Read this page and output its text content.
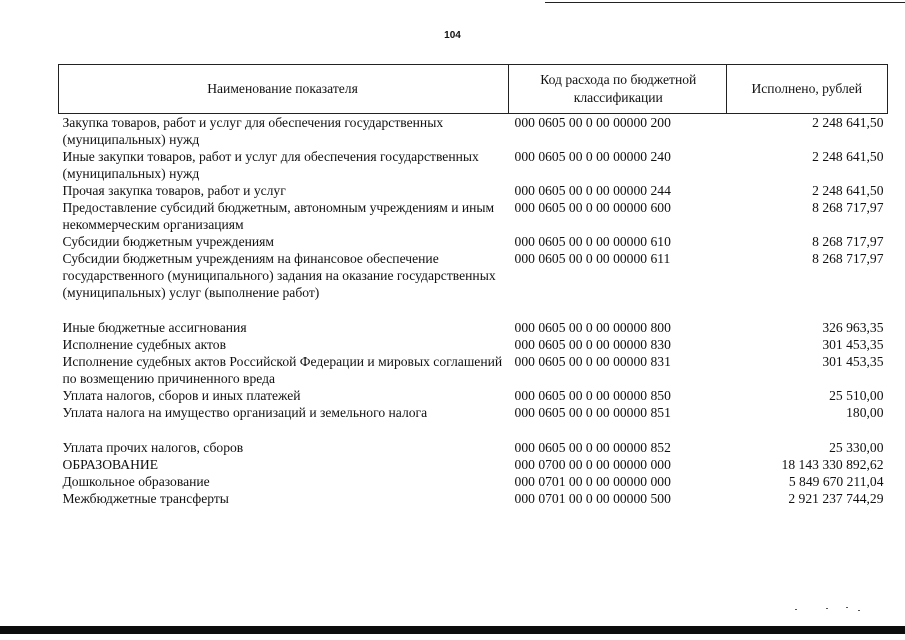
104
Наименование показателя	Код расхода по бюджетной классификации	Исполнено, рублей
Закупка товаров, работ и услуг для обеспечения государственных (муниципальных) нужд	000 0605 00 0 00 00000 200	2 248 641,50
Иные закупки товаров, работ и услуг для обеспечения государственных (муниципальных) нужд	000 0605 00 0 00 00000 240	2 248 641,50
Прочая закупка товаров, работ и услуг	000 0605 00 0 00 00000 244	2 248 641,50
Предоставление субсидий бюджетным, автономным учреждениям и иным некоммерческим организациям	000 0605 00 0 00 00000 600	8 268 717,97
Субсидии бюджетным учреждениям	000 0605 00 0 00 00000 610	8 268 717,97
Субсидии бюджетным учреждениям на финансовое обеспечение государственного (муниципального) задания на оказание государственных (муниципальных) услуг (выполнение работ)	000 0605 00 0 00 00000 611	8 268 717,97

Иные бюджетные ассигнования	000 0605 00 0 00 00000 800	326 963,35
Исполнение судебных актов	000 0605 00 0 00 00000 830	301 453,35
Исполнение судебных актов Российской Федерации и мировых соглашений по возмещению причиненного вреда	000 0605 00 0 00 00000 831	301 453,35
Уплата налогов, сборов и иных платежей	000 0605 00 0 00 00000 850	25 510,00
Уплата налога на имущество организаций и земельного налога	000 0605 00 0 00 00000 851	180,00

Уплата прочих налогов, сборов	000 0605 00 0 00 00000 852	25 330,00
ОБРАЗОВАНИЕ	000 0700 00 0 00 00000 000	18 143 330 892,62
Дошкольное образование	000 0701 00 0 00 00000 000	5 849 670 211,04
Межбюджетные трансферты	000 0701 00 0 00 00000 500	2 921 237 744,29
